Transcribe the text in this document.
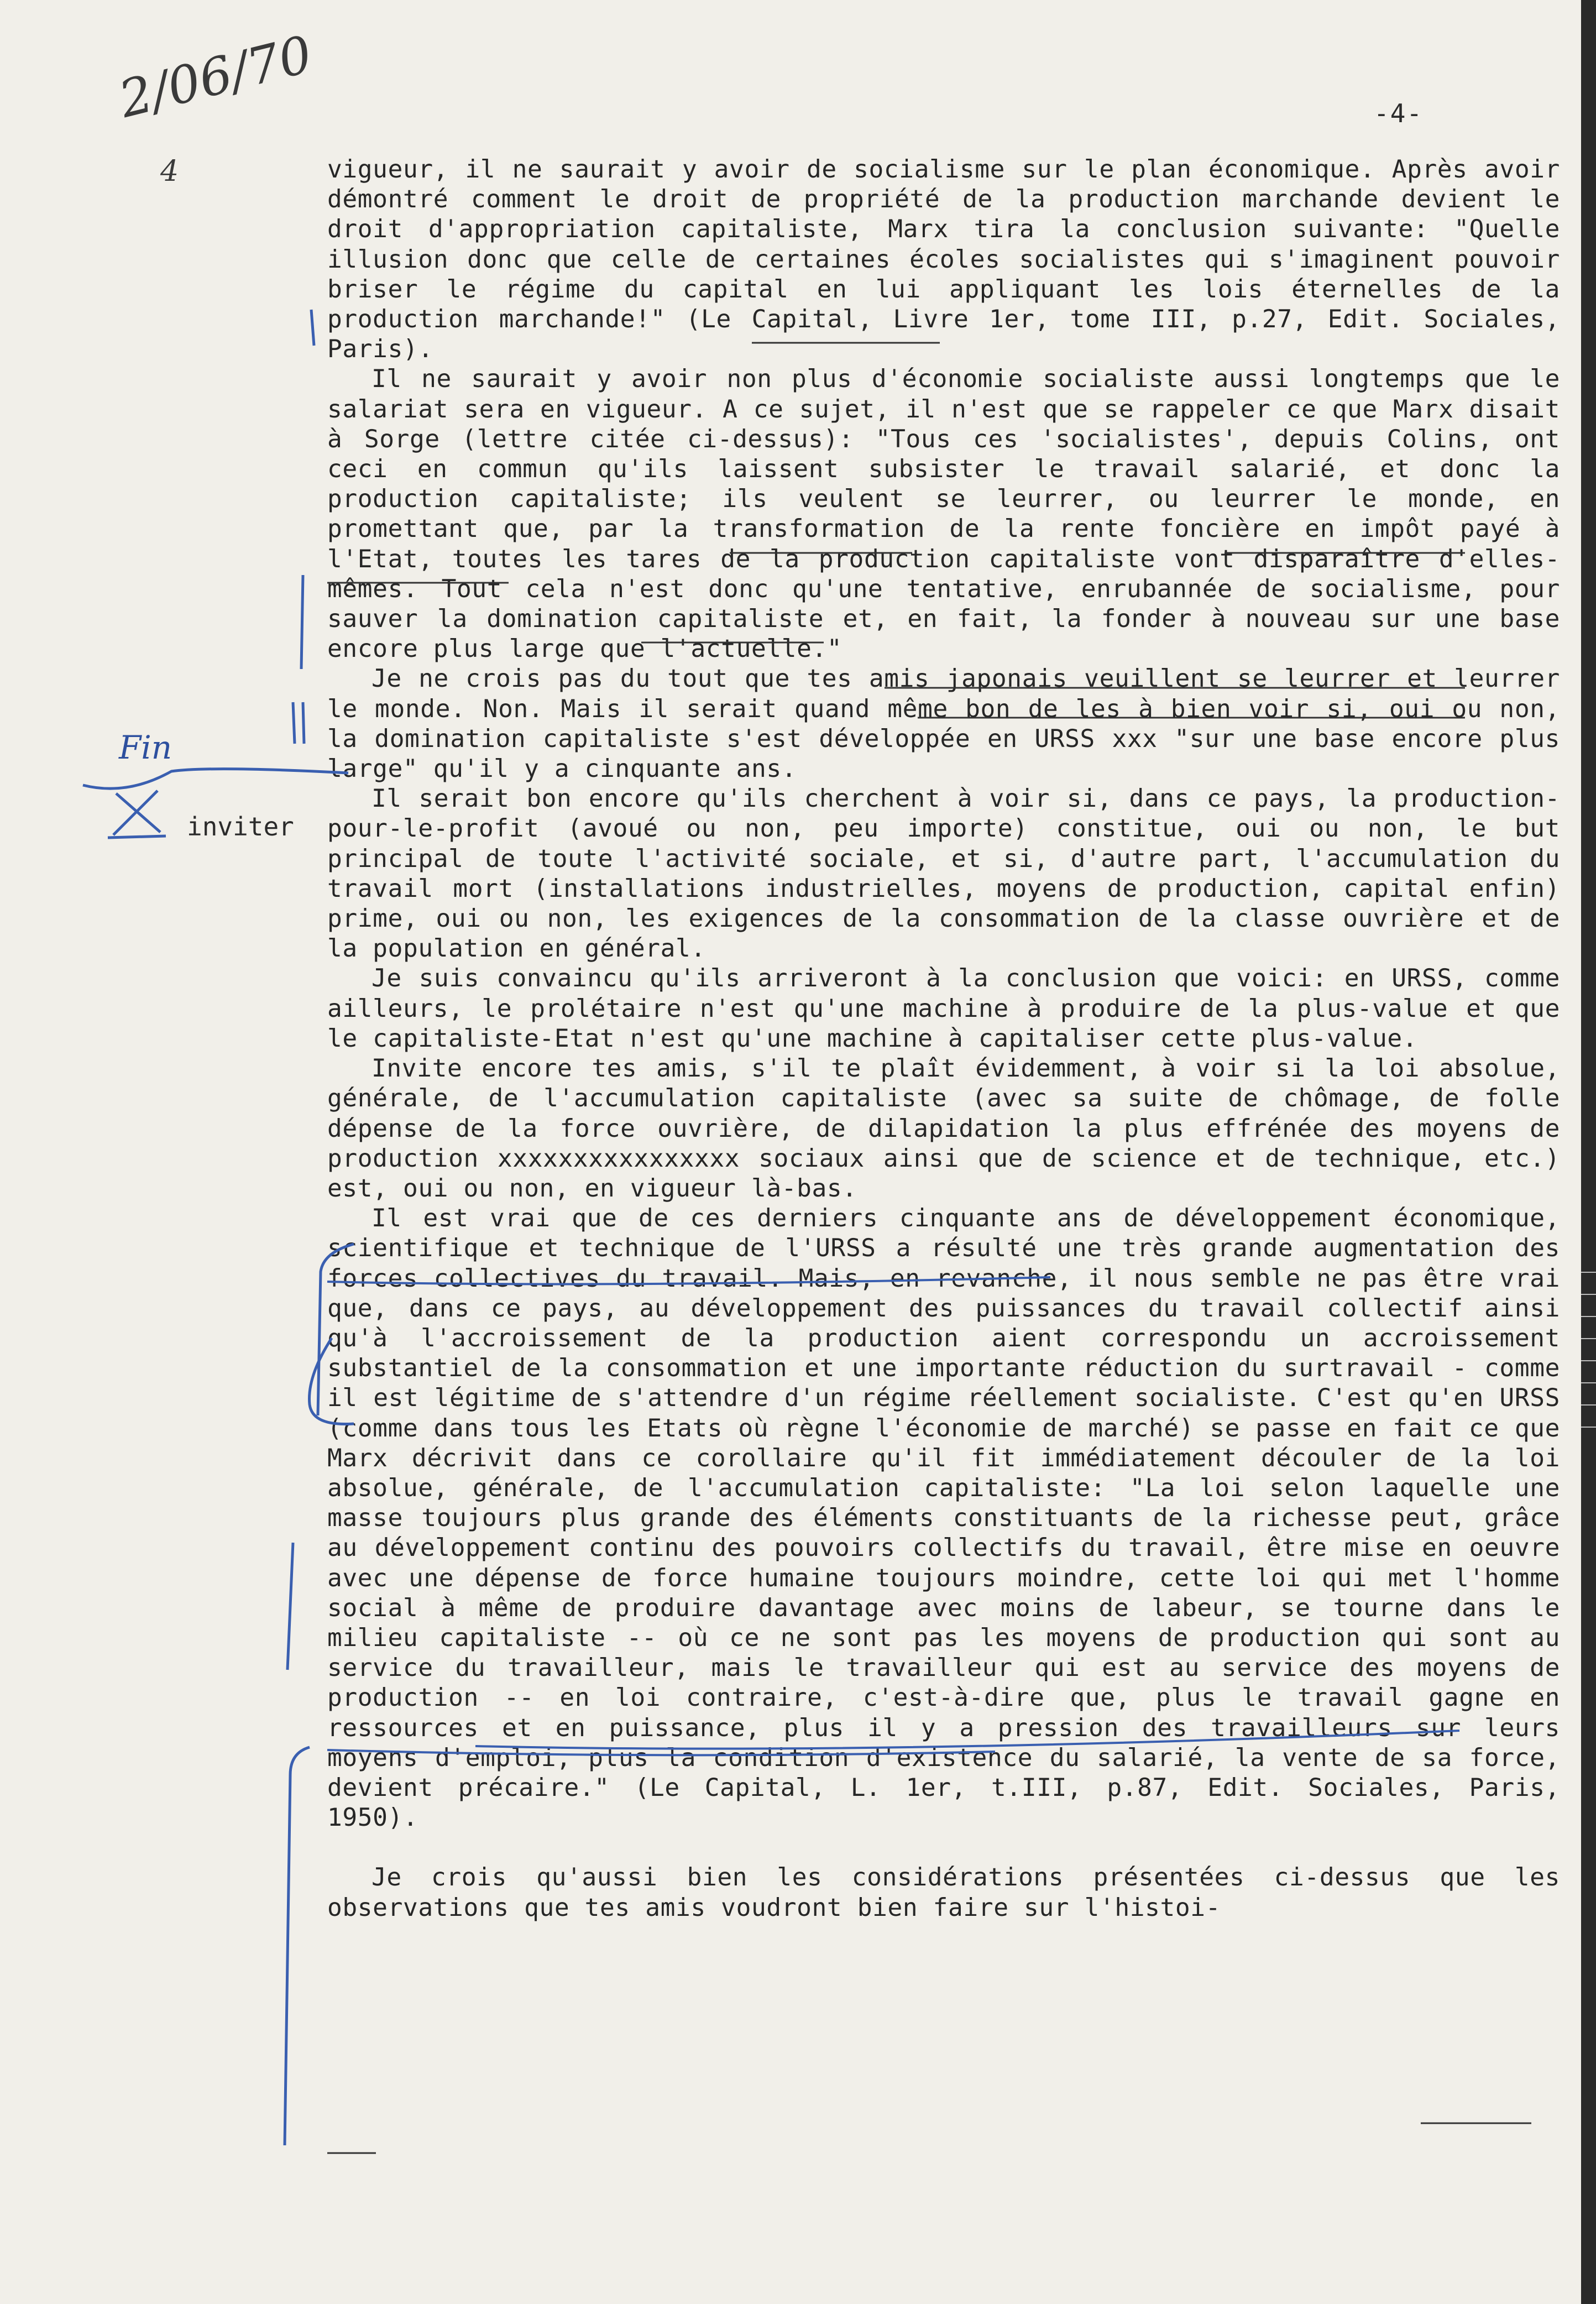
-4-
2/06/70
4
Fin
inviter

vigueur, il ne saurait y avoir de socialisme sur le plan économique. Après avoir démontré comment le droit de propriété de la production marchande devient le droit d'appropriation capitaliste, Marx tira la conclusion suivante: "Quelle illusion donc que celle de certaines écoles socialistes qui s'imaginent pouvoir briser le régime du capital en lui appliquant les lois éternelles de la production marchande!" (Le Capital, Livre 1er, tome III, p.27, Edit. Sociales, Paris).

Il ne saurait y avoir non plus d'économie socialiste aussi longtemps que le salariat sera en vigueur. A ce sujet, il n'est que se rappeler ce que Marx disait à Sorge (lettre citée ci-dessus): "Tous ces 'socialistes', depuis Colins, ont ceci en commun qu'ils laissent subsister le travail salarié, et donc la production capitaliste; ils veulent se leurrer, ou leurrer le monde, en promettant que, par la transformation de la rente foncière en impôt payé à l'Etat, toutes les tares de la production capitaliste vont disparaître d'elles-mêmes. Tout cela n'est donc qu'une tentative, enrubannée de socialisme, pour sauver la domination capitaliste et, en fait, la fonder à nouveau sur une base encore plus large que l'actuelle."

Je ne crois pas du tout que tes amis japonais veuillent se leurrer et leurrer le monde. Non. Mais il serait quand même bon de les à bien voir si, oui ou non, la domination capitaliste s'est développée en URSS xxx "sur une base encore plus large" qu'il y a cinquante ans.

Il serait bon encore qu'ils cherchent à voir si, dans ce pays, la production-pour-le-profit (avoué ou non, peu importe) constitue, oui ou non, le but principal de toute l'activité sociale, et si, d'autre part, l'accumulation du travail mort (installations industrielles, moyens de production, capital enfin) prime, oui ou non, les exigences de la consommation de la classe ouvrière et de la population en général.

Je suis convaincu qu'ils arriveront à la conclusion que voici: en URSS, comme ailleurs, le prolétaire n'est qu'une machine à produire de la plus-value et que le capitaliste-Etat n'est qu'une machine à capitaliser cette plus-value.

Invite encore tes amis, s'il te plaît évidemment, à voir si la loi absolue, générale, de l'accumulation capitaliste (avec sa suite de chômage, de folle dépense de la force ouvrière, de dilapidation la plus effrénée des moyens de production xxxxxxxxxxxxxxxx sociaux ainsi que de science et de technique, etc.) est, oui ou non, en vigueur là-bas.

Il est vrai que de ces derniers cinquante ans de développement économique, scientifique et technique de l'URSS a résulté une très grande augmentation des forces collectives du travail. Mais, en revanche, il nous semble ne pas être vrai que, dans ce pays, au développement des puissances du travail collectif ainsi qu'à l'accroissement de la production aient correspondu un accroissement substantiel de la consommation et une importante réduction du surtravail - comme il est légitime de s'attendre d'un régime réellement socialiste. C'est qu'en URSS (comme dans tous les Etats où règne l'économie de marché) se passe en fait ce que Marx décrivit dans ce corollaire qu'il fit immédiatement découler de la loi absolue, générale, de l'accumulation capitaliste: "La loi selon laquelle une masse toujours plus grande des éléments constituants de la richesse peut, grâce au développement continu des pouvoirs collectifs du travail, être mise en oeuvre avec une dépense de force humaine toujours moindre, cette loi qui met l'homme social à même de produire davantage avec moins de labeur, se tourne dans le milieu capitaliste -- où ce ne sont pas les moyens de production qui sont au service du travailleur, mais le travailleur qui est au service des moyens de production -- en loi contraire, c'est-à-dire que, plus le travail gagne en ressources et en puissance, plus il y a pression des travailleurs sur leurs moyens d'emploi, plus la condition d'existence du salarié, la vente de sa force, devient précaire." (Le Capital, L. 1er, t.III, p.87, Edit. Sociales, Paris, 1950).

Je crois qu'aussi bien les considérations présentées ci-dessus que les observations que tes amis voudront bien faire sur l'histoi-
